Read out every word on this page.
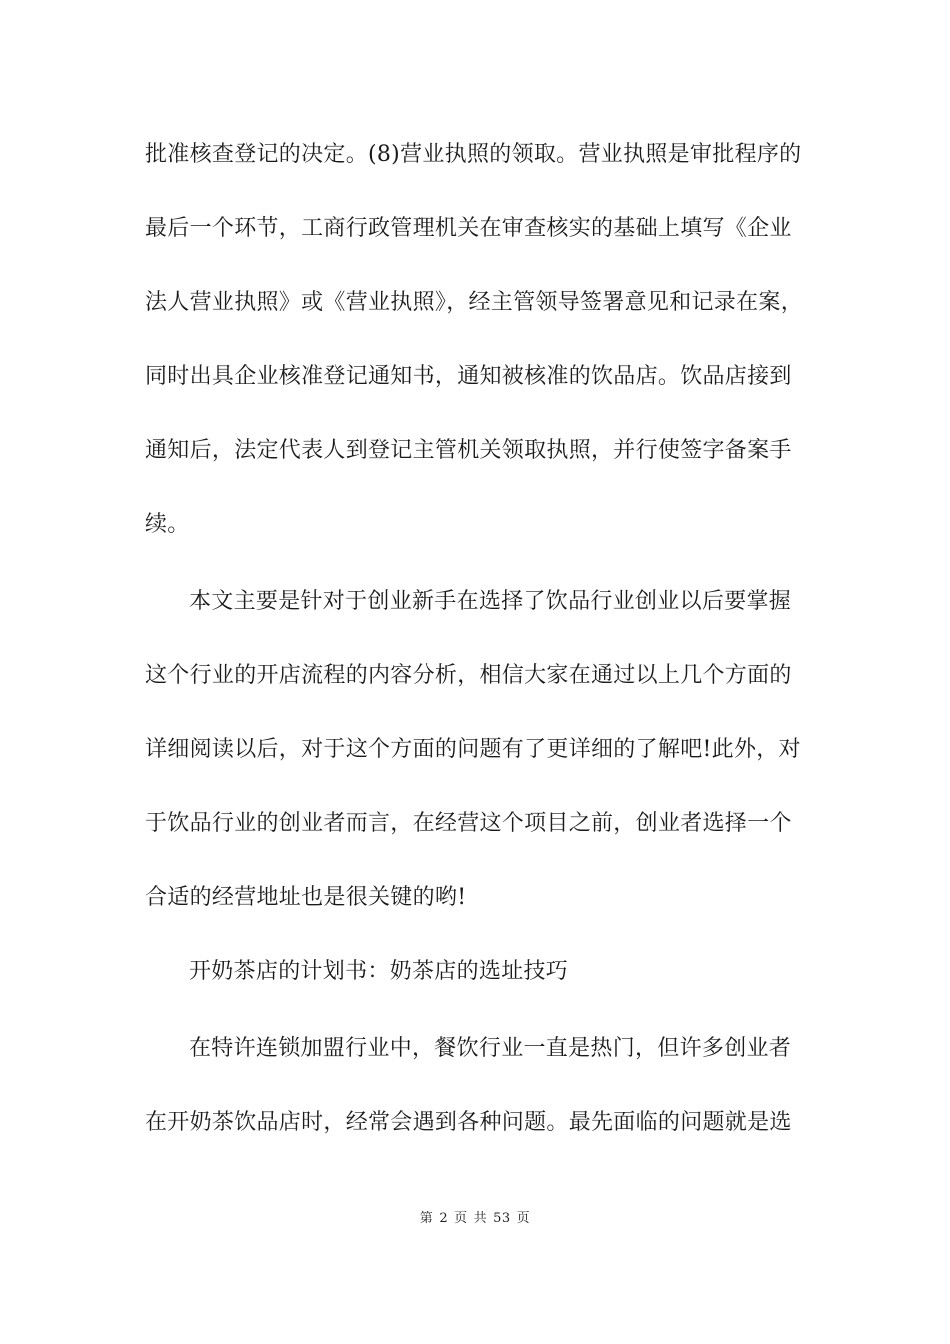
批准核查登记的决定。(8)营业执照的领取。营业执照是审批程序的
最后一个环节，工商行政管理机关在审查核实的基础上填写《企业
法人营业执照》或《营业执照》，经主管领导签署意见和记录在案，
同时出具企业核准登记通知书，通知被核准的饮品店。饮品店接到
通知后，法定代表人到登记主管机关领取执照，并行使签字备案手
续。
本文主要是针对于创业新手在选择了饮品行业创业以后要掌握
这个行业的开店流程的内容分析，相信大家在通过以上几个方面的
详细阅读以后，对于这个方面的问题有了更详细的了解吧!此外，对
于饮品行业的创业者而言，在经营这个项目之前，创业者选择一个
合适的经营地址也是很关键的哟!
开奶茶店的计划书：奶茶店的选址技巧
在特许连锁加盟行业中，餐饮行业一直是热门，但许多创业者
在开奶茶饮品店时，经常会遇到各种问题。最先面临的问题就是选
第 2 页 共 53 页
